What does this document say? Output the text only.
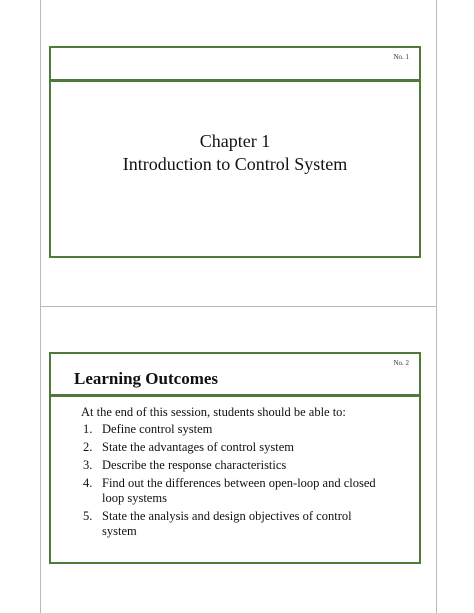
No. 1
Chapter 1
Introduction to Control System
No. 2
Learning Outcomes
At the end of this session, students should be able to:
1. Define control system
2. State the advantages of control system
3. Describe the response characteristics
4. Find out the differences between open-loop and closed loop systems
5. State the analysis and design objectives of control system
